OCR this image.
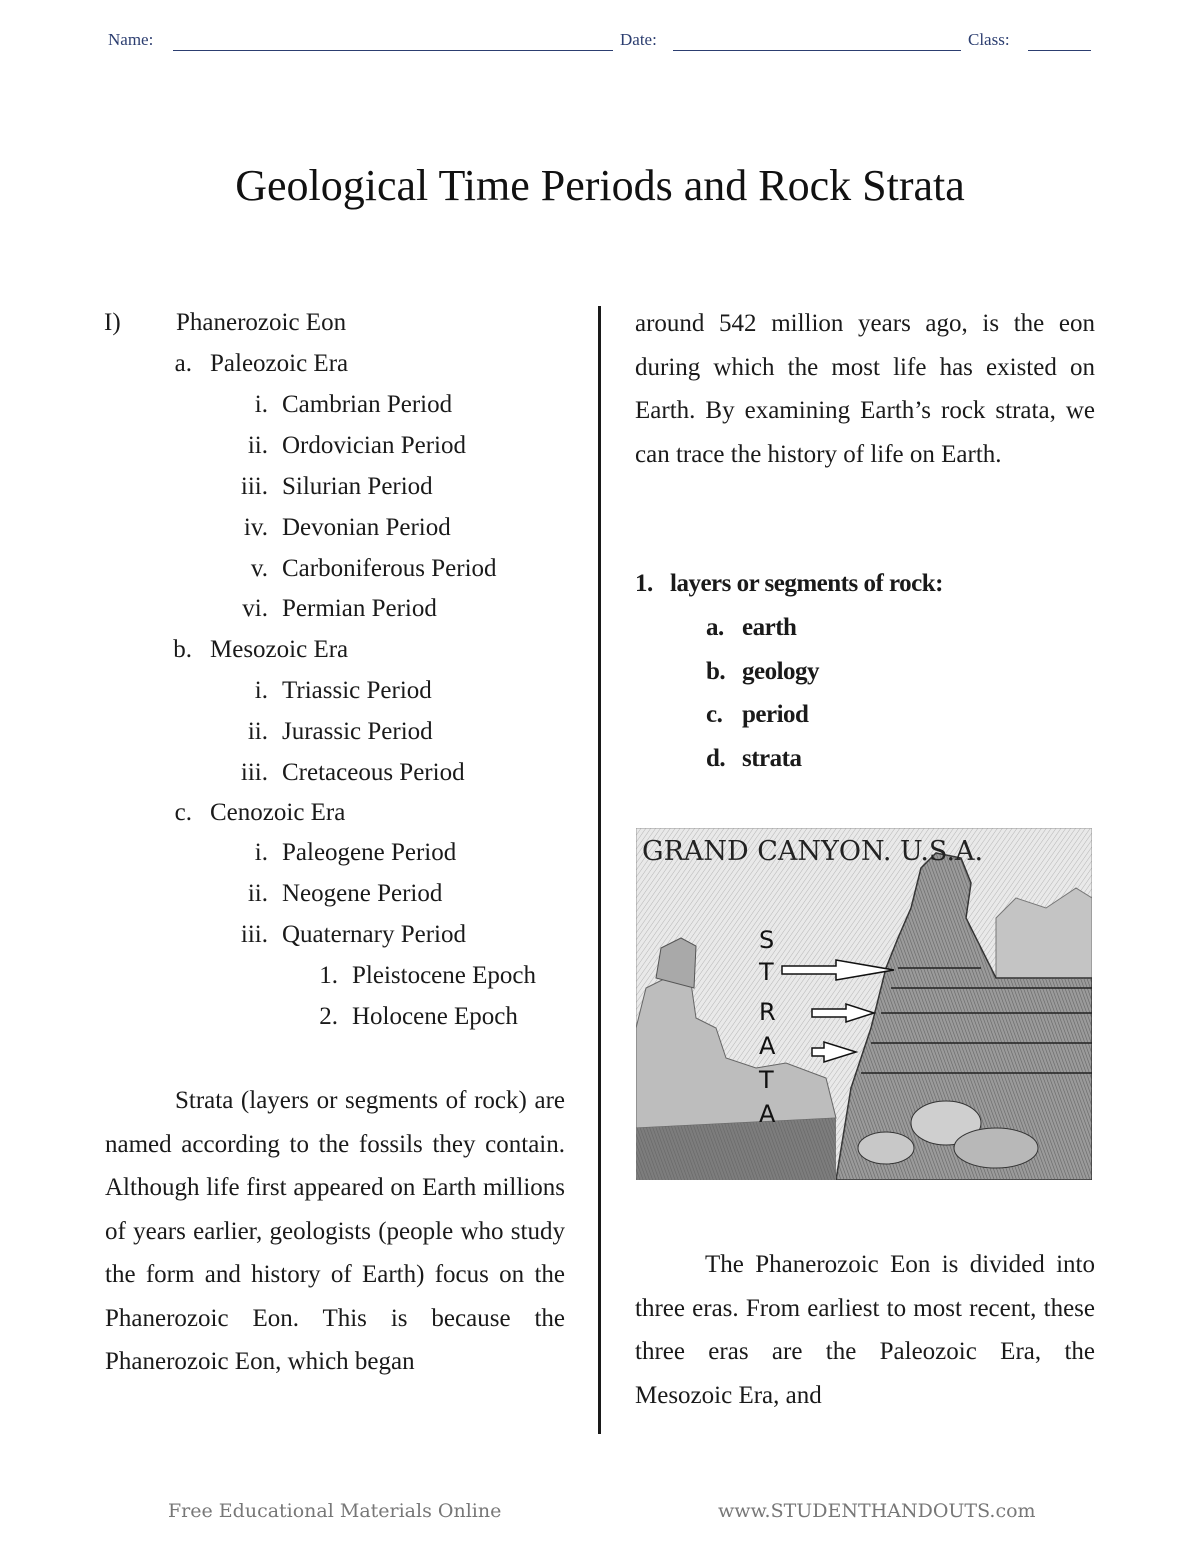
Name:	Date:	Class:
Geological Time Periods and Rock Strata
I) Phanerozoic Eon
a. Paleozoic Era
i. Cambrian Period
ii. Ordovician Period
iii. Silurian Period
iv. Devonian Period
v. Carboniferous Period
vi. Permian Period
b. Mesozoic Era
i. Triassic Period
ii. Jurassic Period
iii. Cretaceous Period
c. Cenozoic Era
i. Paleogene Period
ii. Neogene Period
iii. Quaternary Period
1. Pleistocene Epoch
2. Holocene Epoch

Strata (layers or segments of rock) are named according to the fossils they contain. Although life first appeared on Earth millions of years earlier, geologists (people who study the form and history of Earth) focus on the Phanerozoic Eon. This is because the Phanerozoic Eon, which began

around 542 million years ago, is the eon during which the most life has existed on Earth. By examining Earth’s rock strata, we can trace the history of life on Earth.

1. layers or segments of rock:
a. earth
b. geology
c. period
d. strata
GRAND CANYON. U.S.A.
S
T
R
A
T
A

The Phanerozoic Eon is divided into three eras. From earliest to most recent, these three eras are the Paleozoic Era, the Mesozoic Era, and

Free Educational Materials Online	www.STUDENTHANDOUTS.com
